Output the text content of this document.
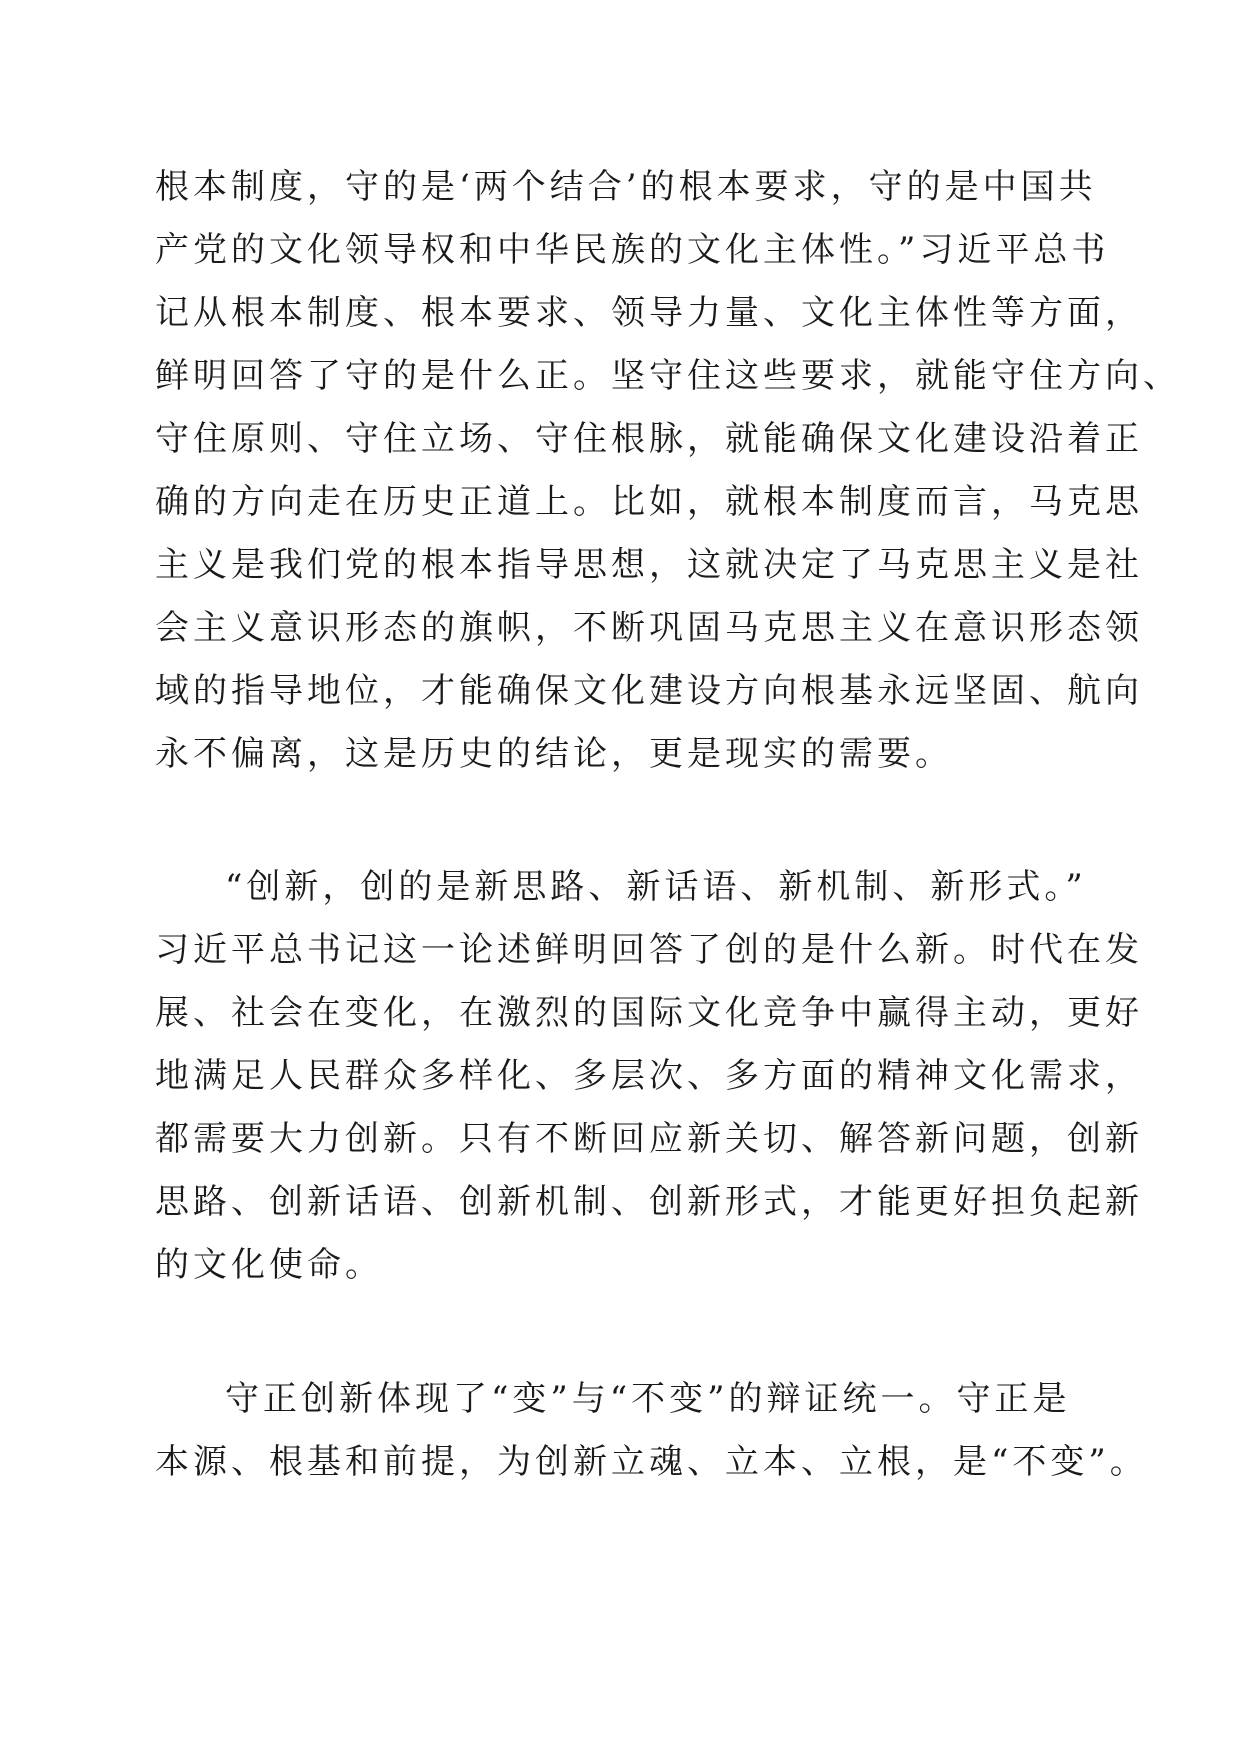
根本制度，守的是‘两个结合’的根本要求，守的是中国共

产党的文化领导权和中华民族的文化主体性。”习近平总书

记从根本制度、根本要求、领导力量、文化主体性等方面，

鲜明回答了守的是什么正。坚守住这些要求，就能守住方向、

守住原则、守住立场、守住根脉，就能确保文化建设沿着正

确的方向走在历史正道上。比如，就根本制度而言，马克思

主义是我们党的根本指导思想，这就决定了马克思主义是社

会主义意识形态的旗帜，不断巩固马克思主义在意识形态领

域的指导地位，才能确保文化建设方向根基永远坚固、航向

永不偏离，这是历史的结论，更是现实的需要。

“创新，创的是新思路、新话语、新机制、新形式。”

习近平总书记这一论述鲜明回答了创的是什么新。时代在发

展、社会在变化，在激烈的国际文化竞争中赢得主动，更好

地满足人民群众多样化、多层次、多方面的精神文化需求，

都需要大力创新。只有不断回应新关切、解答新问题，创新

思路、创新话语、创新机制、创新形式，才能更好担负起新

的文化使命。

守正创新体现了“变”与“不变”的辩证统一。守正是

本源、根基和前提，为创新立魂、立本、立根，是“不变”。
